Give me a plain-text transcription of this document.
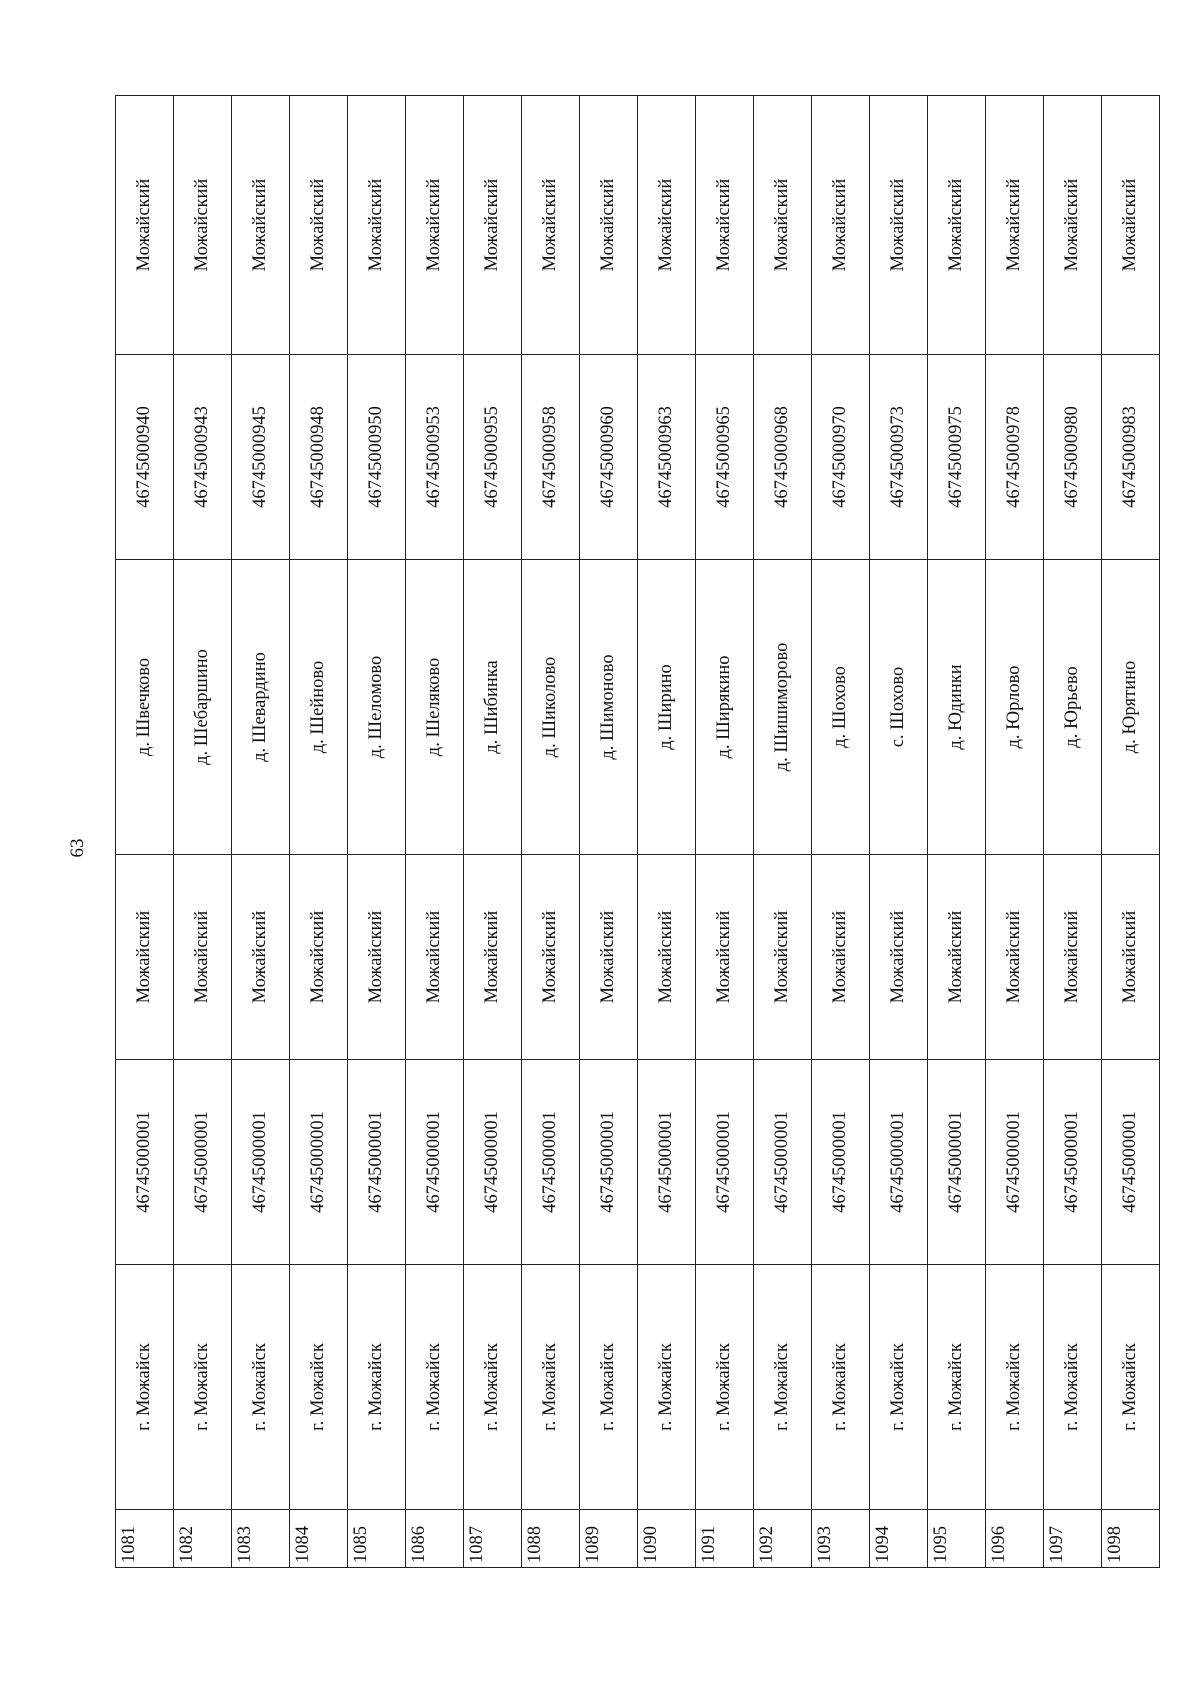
63
1081	г. Можайск	46745000001	Можайский	д. Швечково	46745000940	Можайский
1082	г. Можайск	46745000001	Можайский	д. Шебаршино	46745000943	Можайский
1083	г. Можайск	46745000001	Можайский	д. Шевардино	46745000945	Можайский
1084	г. Можайск	46745000001	Можайский	д. Шейново	46745000948	Можайский
1085	г. Можайск	46745000001	Можайский	д. Шеломово	46745000950	Можайский
1086	г. Можайск	46745000001	Можайский	д. Шеляково	46745000953	Можайский
1087	г. Можайск	46745000001	Можайский	д. Шибинка	46745000955	Можайский
1088	г. Можайск	46745000001	Можайский	д. Шиколово	46745000958	Можайский
1089	г. Можайск	46745000001	Можайский	д. Шимоново	46745000960	Можайский
1090	г. Можайск	46745000001	Можайский	д. Ширино	46745000963	Можайский
1091	г. Можайск	46745000001	Можайский	д. Ширякино	46745000965	Можайский
1092	г. Можайск	46745000001	Можайский	д. Шишиморово	46745000968	Можайский
1093	г. Можайск	46745000001	Можайский	д. Шохово	46745000970	Можайский
1094	г. Можайск	46745000001	Можайский	с. Шохово	46745000973	Можайский
1095	г. Можайск	46745000001	Можайский	д. Юдинки	46745000975	Можайский
1096	г. Можайск	46745000001	Можайский	д. Юрлово	46745000978	Можайский
1097	г. Можайск	46745000001	Можайский	д. Юрьево	46745000980	Можайский
1098	г. Можайск	46745000001	Можайский	д. Юрятино	46745000983	Можайский
